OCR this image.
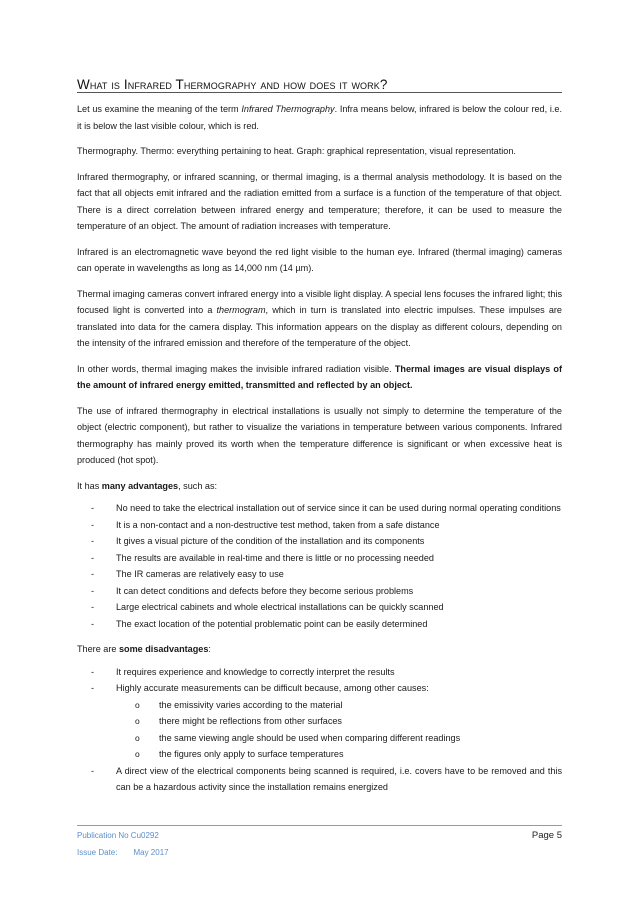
What is Infrared Thermography and how does it work?

Let us examine the meaning of the term Infrared Thermography. Infra means below, infrared is below the colour red, i.e. it is below the last visible colour, which is red.

Thermography. Thermo: everything pertaining to heat. Graph: graphical representation, visual representation.

Infrared thermography, or infrared scanning, or thermal imaging, is a thermal analysis methodology. It is based on the fact that all objects emit infrared and the radiation emitted from a surface is a function of the temperature of that object. There is a direct correlation between infrared energy and temperature; therefore, it can be used to measure the temperature of an object. The amount of radiation increases with temperature.

Infrared is an electromagnetic wave beyond the red light visible to the human eye. Infrared (thermal imaging) cameras can operate in wavelengths as long as 14,000 nm (14 µm).

Thermal imaging cameras convert infrared energy into a visible light display. A special lens focuses the infrared light; this focused light is converted into a thermogram, which in turn is translated into electric impulses. These impulses are translated into data for the camera display. This information appears on the display as different colours, depending on the intensity of the infrared emission and therefore of the temperature of the object.

In other words, thermal imaging makes the invisible infrared radiation visible. Thermal images are visual displays of the amount of infrared energy emitted, transmitted and reflected by an object.

The use of infrared thermography in electrical installations is usually not simply to determine the temperature of the object (electric component), but rather to visualize the variations in temperature between various components. Infrared thermography has mainly proved its worth when the temperature difference is significant or when excessive heat is produced (hot spot).

It has many advantages, such as:

- No need to take the electrical installation out of service since it can be used during normal operating conditions
- It is a non-contact and a non-destructive test method, taken from a safe distance
- It gives a visual picture of the condition of the installation and its components
- The results are available in real-time and there is little or no processing needed
- The IR cameras are relatively easy to use
- It can detect conditions and defects before they become serious problems
- Large electrical cabinets and whole electrical installations can be quickly scanned
- The exact location of the potential problematic point can be easily determined

There are some disadvantages:

- It requires experience and knowledge to correctly interpret the results
- Highly accurate measurements can be difficult because, among other causes:
o the emissivity varies according to the material
o there might be reflections from other surfaces
o the same viewing angle should be used when comparing different readings
o the figures only apply to surface temperatures
- A direct view of the electrical components being scanned is required, i.e. covers have to be removed and this can be a hazardous activity since the installation remains energized
Publication No Cu0292
Issue Date: May 2017
Page 5
